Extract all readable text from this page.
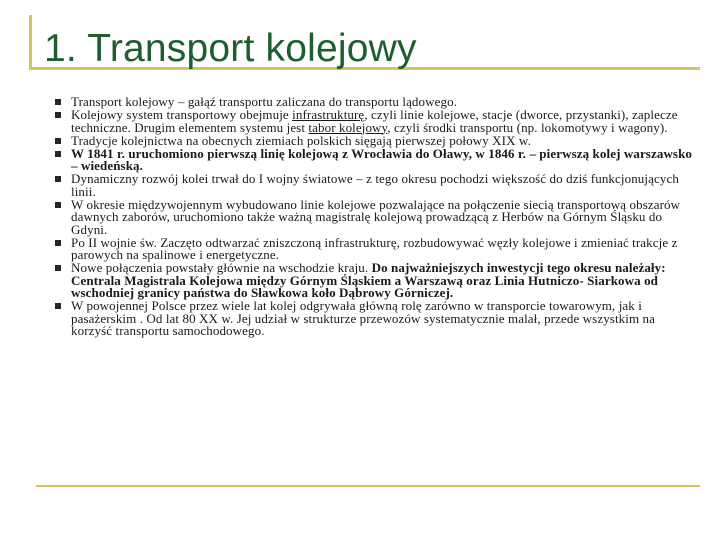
1. Transport kolejowy
Transport kolejowy – gałąź transportu zaliczana do transportu lądowego.
Kolejowy system transportowy obejmuje infrastrukturę, czyli linie kolejowe, stacje (dworce, przystanki), zaplecze techniczne. Drugim elementem systemu jest tabor kolejowy, czyli środki transportu (np. lokomotywy i wagony).
Tradycje kolejnictwa na obecnych ziemiach polskich sięgają pierwszej połowy XIX w.
W 1841 r. uruchomiono pierwszą linię kolejową z Wrocławia do Oławy, w 1846 r. – pierwszą kolej warszawsko – wiedeńską.
Dynamiczny rozwój kolei trwał do I wojny światowe – z tego okresu pochodzi większość do dziś funkcjonujących linii.
W okresie międzywojennym wybudowano linie kolejowe pozwalające na połączenie siecią transportową obszarów dawnych zaborów, uruchomiono także ważną magistralę kolejową prowadzącą z Herbów na Górnym Śląsku do Gdyni.
Po II wojnie św. Zaczęto odtwarzać zniszczoną infrastrukturę, rozbudowywać węzły kolejowe i zmieniać trakcje z parowych na spalinowe i energetyczne.
Nowe połączenia powstały głównie na wschodzie kraju. Do najważniejszych inwestycji tego okresu należały: Centrala Magistrala Kolejowa między Górnym Śląskiem a Warszawą oraz Linia Hutniczo- Siarkowa od wschodniej granicy państwa do Sławkowa koło Dąbrowy Górniczej.
W powojennej Polsce przez wiele lat kolej odgrywała główną rolę zarówno w transporcie towarowym, jak i pasażerskim . Od lat 80 XX w. Jej udział w strukturze przewozów systematycznie malał, przede wszystkim na korzyść transportu samochodowego.
